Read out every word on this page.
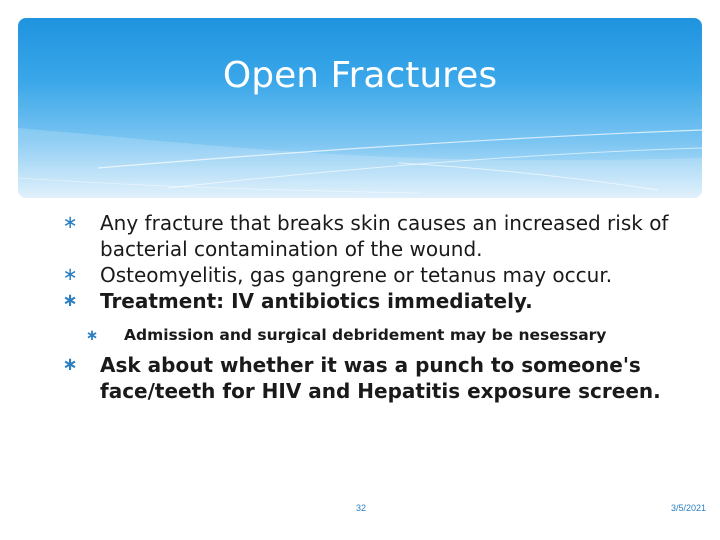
Open Fractures

∗ Any fracture that breaks skin causes an increased risk of bacterial contamination of the wound.

∗ Osteomyelitis, gas gangrene or tetanus may occur.

∗ Treatment: IV antibiotics immediately.

∗ Admission and surgical debridement may be nesessary

∗ Ask about whether it was a punch to someone's face/teeth for HIV and Hepatitis exposure screen.

32	3/5/2021
